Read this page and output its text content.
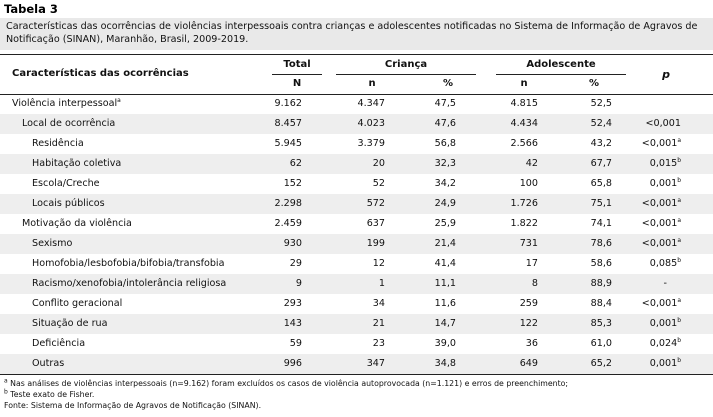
Tabela 3
Características das ocorrências de violências interpessoais contra crianças e adolescentes notificadas no Sistema de Informação de Agravos de Notificação (SINAN), Maranhão, Brasil, 2009-2019.
Características das ocorrências
Total	Criança	Adolescente
p
N	n	%	n	%
Violência interpessoal$^a$	9.162	4.347	47,5	4.815	52,5
Local de ocorrência	8.457	4.023	47,6	4.434	52,4	<0,001
Residência	5.945	3.379	56,8	2.566	43,2	<0,001$^a$
Habitação coletiva	62	20	32,3	42	67,7	0,015$^b$
Escola/Creche	152	52	34,2	100	65,8	0,001$^b$
Locais públicos	2.298	572	24,9	1.726	75,1	<0,001$^a$
Motivação da violência	2.459	637	25,9	1.822	74,1	<0,001$^a$
Sexismo	930	199	21,4	731	78,6	<0,001$^a$
Homofobia/lesbofobia/bifobia/transfobia	29	12	41,4	17	58,6	0,085$^b$
Racismo/xenofobia/intolerância religiosa	9	1	11,1	8	88,9	-
Conflito geracional	293	34	11,6	259	88,4	<0,001$^a$
Situação de rua	143	21	14,7	122	85,3	0,001$^b$
Deficiência	59	23	39,0	36	61,0	0,024$^b$
Outras	996	347	34,8	649	65,2	0,001$^b$
$^a$ Nas análises de violências interpessoais (n=9.162) foram excluídos os casos de violência autoprovocada (n=1.121) e erros de preenchimento;
$^b$ Teste exato de Fisher.
Fonte: Sistema de Informação de Agravos de Notificação (SINAN).
